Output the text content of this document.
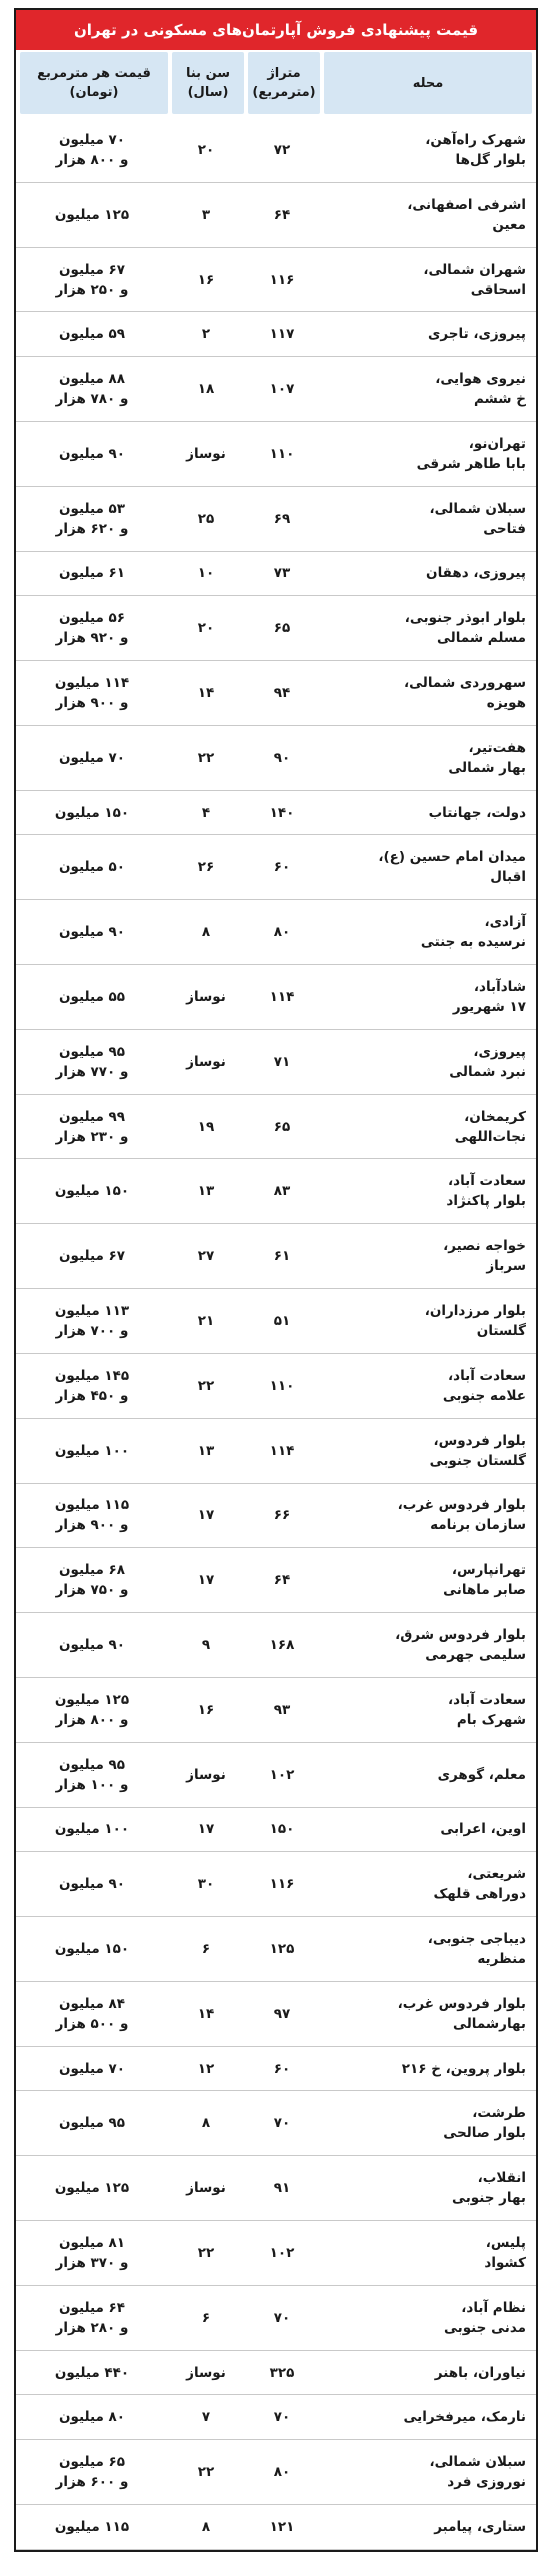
قیمت پیشنهادی فروش آپارتمان‌های مسکونی در تهران
محله
متراژ
(مترمربع)
سن بنا
(سال)
قیمت هر مترمربع
(تومان)
شهرک راه‌آهن،
بلوار گل‌ها
۷۲
۲۰
۷۰ میلیون
و ۸۰۰ هزار
اشرفی اصفهانی،
معین
۶۴
۳
۱۲۵ میلیون
شهران شمالی،
اسحاقی
۱۱۶
۱۶
۶۷ میلیون
و ۲۵۰ هزار
پیروزی، تاجری
۱۱۷
۲
۵۹ میلیون
نیروی هوایی،
خ ششم
۱۰۷
۱۸
۸۸ میلیون
و ۷۸۰ هزار
تهران‌نو،
بابا طاهر شرقی
۱۱۰
نوساز
۹۰ میلیون
سبلان شمالی،
فتاحی
۶۹
۲۵
۵۳ میلیون
و ۶۲۰ هزار
پیروزی، دهقان
۷۳
۱۰
۶۱ میلیون
بلوار ابوذر جنوبی،
مسلم شمالی
۶۵
۲۰
۵۶ میلیون
و ۹۲۰ هزار
سهروردی شمالی،
هویزه
۹۴
۱۴
۱۱۴ میلیون
و ۹۰۰ هزار
هفت‌تیر،
بهار شمالی
۹۰
۲۲
۷۰ میلیون
دولت، جهانتاب
۱۴۰
۴
۱۵۰ میلیون
میدان امام حسین (ع)،
اقبال
۶۰
۲۶
۵۰ میلیون
آزادی،
نرسیده به جنتی
۸۰
۸
۹۰ میلیون
شادآباد،
۱۷ شهریور
۱۱۴
نوساز
۵۵ میلیون
پیروزی،
نبرد شمالی
۷۱
نوساز
۹۵ میلیون
و ۷۷۰ هزار
کریمخان،
نجات‌اللهی
۶۵
۱۹
۹۹ میلیون
و ۲۳۰ هزار
سعادت آباد،
بلوار پاکنژاد
۸۳
۱۳
۱۵۰ میلیون
خواجه نصیر،
سرباز
۶۱
۲۷
۶۷ میلیون
بلوار مرزداران،
گلستان
۵۱
۲۱
۱۱۳ میلیون
و ۷۰۰ هزار
سعادت آباد،
علامه جنوبی
۱۱۰
۲۲
۱۴۵ میلیون
و ۴۵۰ هزار
بلوار فردوس،
گلستان جنوبی
۱۱۴
۱۳
۱۰۰ میلیون
بلوار فردوس غرب،
سازمان برنامه
۶۶
۱۷
۱۱۵ میلیون
و ۹۰۰ هزار
تهرانپارس،
صابر ماهانی
۶۴
۱۷
۶۸ میلیون
و ۷۵۰ هزار
بلوار فردوس شرق،
سلیمی جهرمی
۱۶۸
۹
۹۰ میلیون
سعادت آباد،
شهرک بام
۹۳
۱۶
۱۲۵ میلیون
و ۸۰۰ هزار
معلم، گوهری
۱۰۲
نوساز
۹۵ میلیون
و ۱۰۰ هزار
اوین، اعرابی
۱۵۰
۱۷
۱۰۰ میلیون
شریعتی،
دوراهی قلهک
۱۱۶
۳۰
۹۰ میلیون
دیباجی جنوبی،
منظریه
۱۲۵
۶
۱۵۰ میلیون
بلوار فردوس غرب،
بهارشمالی
۹۷
۱۴
۸۴ میلیون
و ۵۰۰ هزار
بلوار پروین، خ ۲۱۶
۶۰
۱۲
۷۰ میلیون
طرشت،
بلوار صالحی
۷۰
۸
۹۵ میلیون
انقلاب،
بهار جنوبی
۹۱
نوساز
۱۲۵ میلیون
پلیس،
کشواد
۱۰۲
۲۲
۸۱ میلیون
و ۳۷۰ هزار
نظام آباد،
مدنی جنوبی
۷۰
۶
۶۴ میلیون
و ۲۸۰ هزار
نیاوران، باهنر
۳۲۵
نوساز
۴۴۰ میلیون
نارمک، میرفخرایی
۷۰
۷
۸۰ میلیون
سبلان شمالی،
نوروزی فرد
۸۰
۲۲
۶۵ میلیون
و ۶۰۰ هزار
ستاری، پیامبر
۱۲۱
۸
۱۱۵ میلیون
